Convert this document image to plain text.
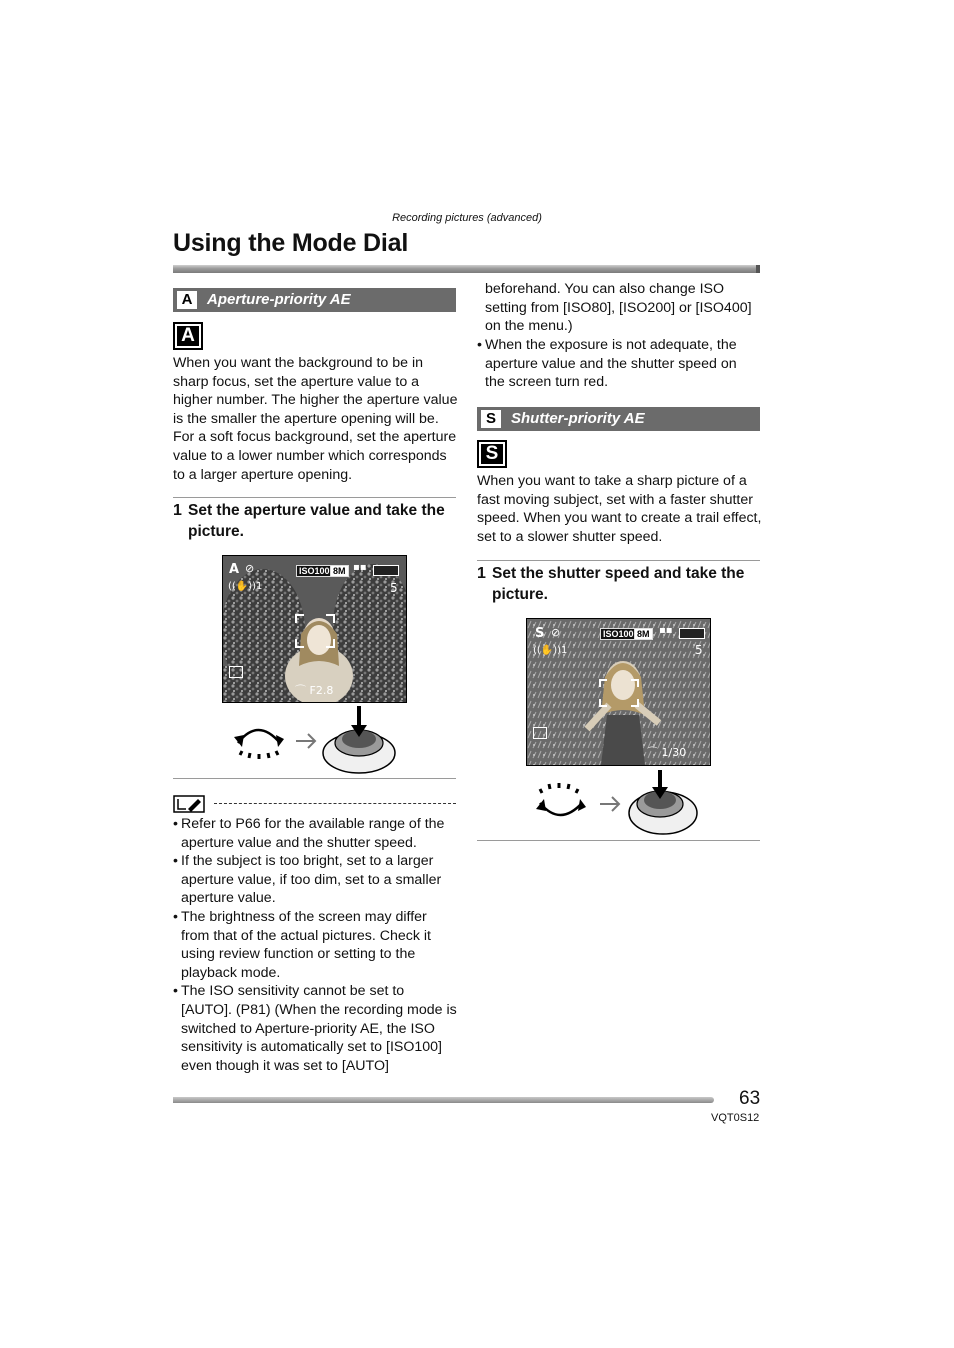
Recording pictures (advanced)
Using the Mode Dial
A Aperture-priority AE
A
When you want the background to be in sharp focus, set the aperture value to a higher number. The higher the aperture value is the smaller the aperture opening will be. For a soft focus background, set the aperture value to a lower number which corresponds to a larger aperture opening.
1 Set the aperture value and take the picture.
A ⊘	ISO100 8M ▪▪
((✋))1	5
⌒ F2.8
• Refer to P66 for the available range of the aperture value and the shutter speed.
• If the subject is too bright, set to a larger aperture value, if too dim, set to a smaller aperture value.
• The brightness of the screen may differ from that of the actual pictures. Check it using review function or setting to the playback mode.
• The ISO sensitivity cannot be set to [AUTO]. (P81) (When the recording mode is switched to Aperture-priority AE, the ISO sensitivity is automatically set to [ISO100] even though it was set to [AUTO]
beforehand. You can also change ISO setting from [ISO80], [ISO200] or [ISO400] on the menu.)
• When the exposure is not adequate, the aperture value and the shutter speed on the screen turn red.
S	Shutter-priority AE
S
When you want to take a sharp picture of a fast moving subject, set with a faster shutter speed. When you want to create a trail effect, set to a slower shutter speed.
1 Set the shutter speed and take the picture.
S ⊘	ISO100 8M ▪▪
((✋))1	5
⌒ 1/30
63
VQT0S12
